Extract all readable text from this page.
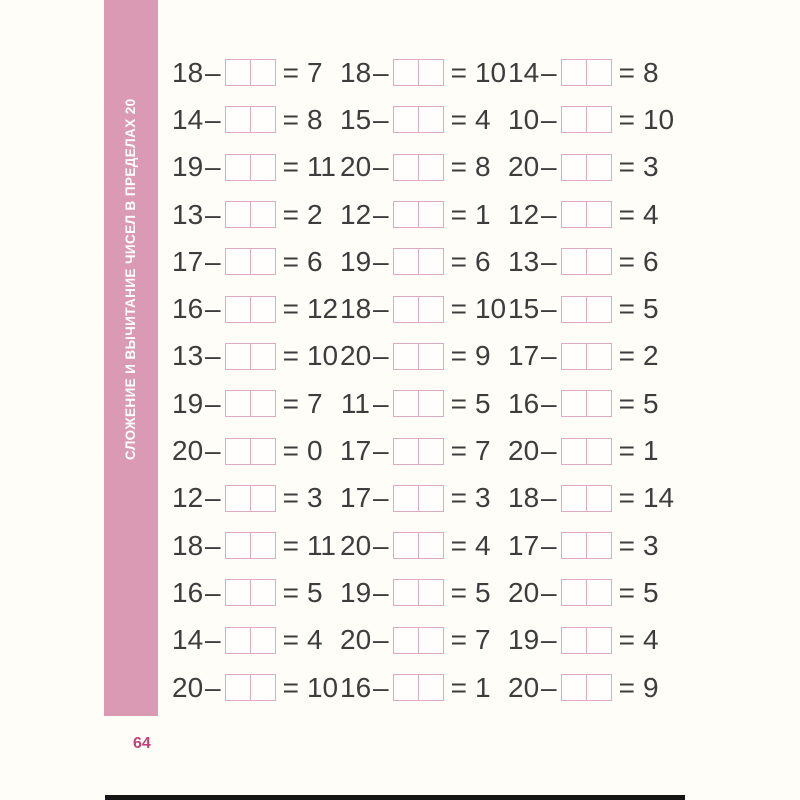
СЛОЖЕНИЕ И ВЫЧИТАНИЕ ЧИСЕЛ В ПРЕДЕЛАХ 20
18 – = 7
14 – = 8
19 – = 11
13 – = 2
17 – = 6
16 – = 12
13 – = 10
19 – = 7
20 – = 0
12 – = 3
18 – = 11
16 – = 5
14 – = 4
20 – = 10
18 – = 10
15 – = 4
20 – = 8
12 – = 1
19 – = 6
18 – = 10
20 – = 9
11 – = 5
17 – = 7
17 – = 3
20 – = 4
19 – = 5
20 – = 7
16 – = 1
14 – = 8
10 – = 10
20 – = 3
12 – = 4
13 – = 6
15 – = 5
17 – = 2
16 – = 5
20 – = 1
18 – = 14
17 – = 3
20 – = 5
19 – = 4
20 – = 9
64
